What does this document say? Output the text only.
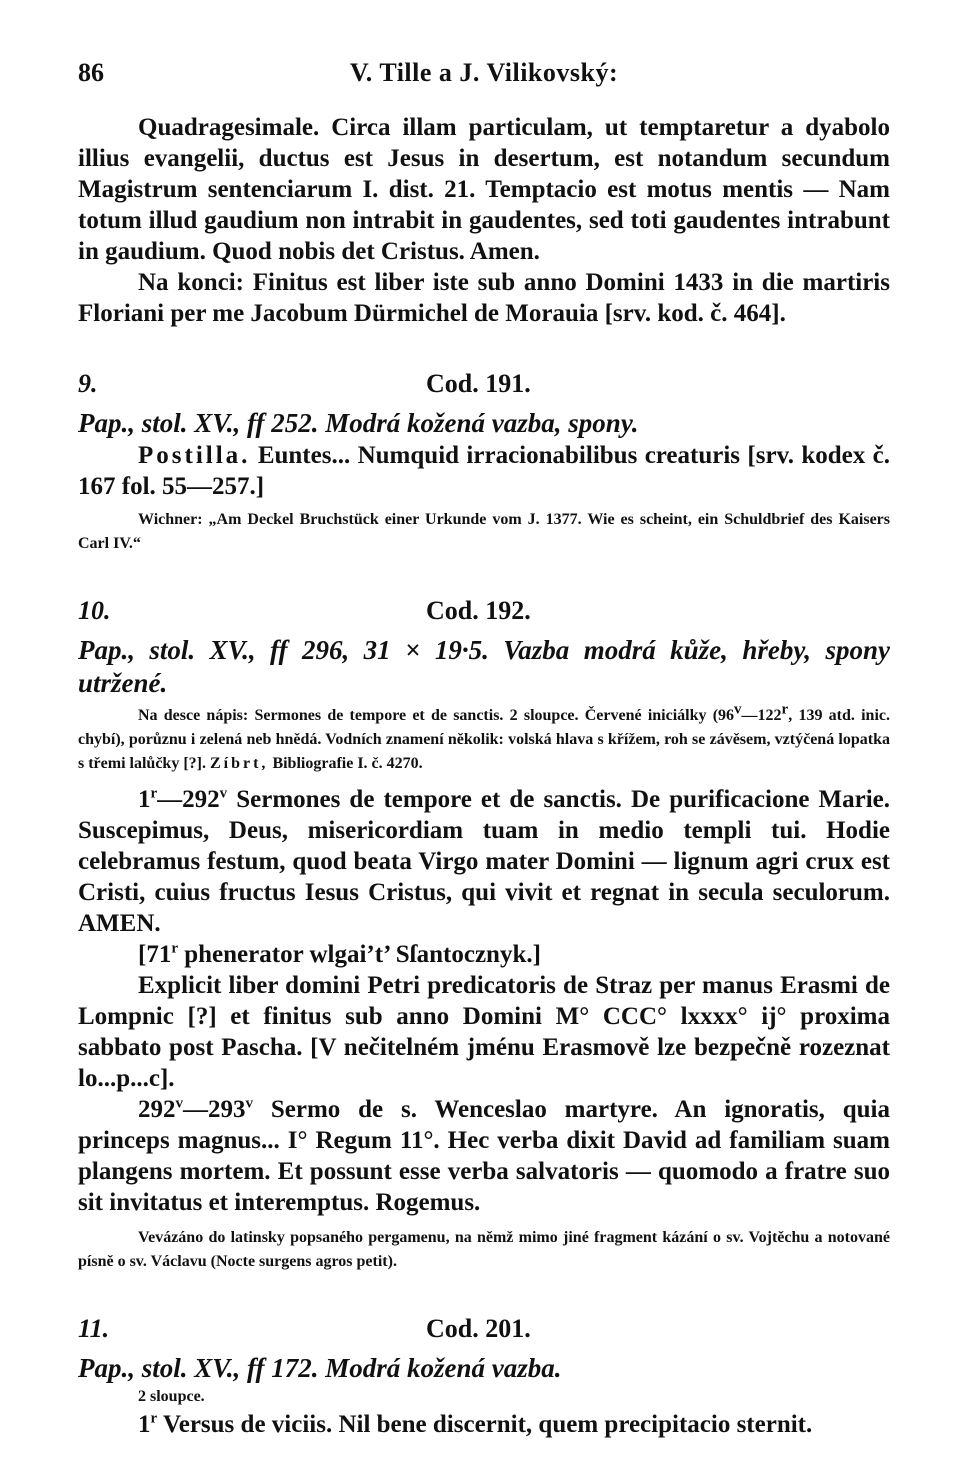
86	V. Tille a J. Vilikovský:

Quadragesimale. Circa illam particulam, ut temptaretur a dyabolo illius evangelii, ductus est Jesus in desertum, est notandum secundum Magistrum sentenciarum I. dist. 21. Temptacio est motus mentis — Nam totum illud gaudium non intrabit in gaudentes, sed toti gaudentes intrabunt in gaudium. Quod nobis det Cristus. Amen.

Na konci: Finitus est liber iste sub anno Domini 1433 in die martiris Floriani per me Jacobum Dürmichel de Morauia [srv. kod. č. 464].

9.	Cod. 191.

Pap., stol. XV., ff 252. Modrá kožená vazba, spony.

Postilla. Euntes... Numquid irracionabilibus creaturis [srv. kodex č. 167 fol. 55—257.]

Wichner: „Am Deckel Bruchstück einer Urkunde vom J. 1377. Wie es scheint, ein Schuldbrief des Kaisers Carl IV.“

10.	Cod. 192.

Pap., stol. XV., ff 296, 31 × 19·5. Vazba modrá kůže, hřeby, spony utržené.

Na desce nápis: Sermones de tempore et de sanctis. 2 sloupce. Červené iniciálky (96v—122r, 139 atd. inic. chybí), porůznu i zelená neb hnědá. Vodních znamení několik: volská hlava s křížem, roh se závěsem, vztýčená lopatka s třemi lalůčky [?]. Zíbrt, Bibliografie I. č. 4270.

1$^r$—292$^v$ Sermones de tempore et de sanctis. De purificacione Marie. Suscepimus, Deus, misericordiam tuam in medio templi tui. Hodie celebramus festum, quod beata Virgo mater Domini — lignum agri crux est Cristi, cuius fructus Iesus Cristus, qui vivit et regnat in secula seculorum. AMEN.

[71$^r$ phenerator wlgai’t’ Sſantocznyk.]

Explicit liber domini Petri predicatoris de Straz per manus Erasmi de Lompnic [?] et finitus sub anno Domini M° CCC° lxxxx° ij° proxima sabbato post Pascha. [V nečitelném jménu Erasmově lze bezpečně rozeznat lo...p...c].

292$^v$—293$^v$ Sermo de s. Wenceslao martyre. An ignoratis, quia princeps magnus... I° Regum 11°. Hec verba dixit David ad familiam suam plangens mortem. Et possunt esse verba salvatoris — quomodo a fratre suo sit invitatus et interemptus. Rogemus.

Vevázáno do latinsky popsaného pergamenu, na němž mimo jiné fragment kázání o sv. Vojtěchu a notované písně o sv. Václavu (Nocte surgens agros petit).

11.	Cod. 201.

Pap., stol. XV., ff 172. Modrá kožená vazba.

2 sloupce.

1$^r$ Versus de viciis. Nil bene discernit, quem precipitacio sternit.
